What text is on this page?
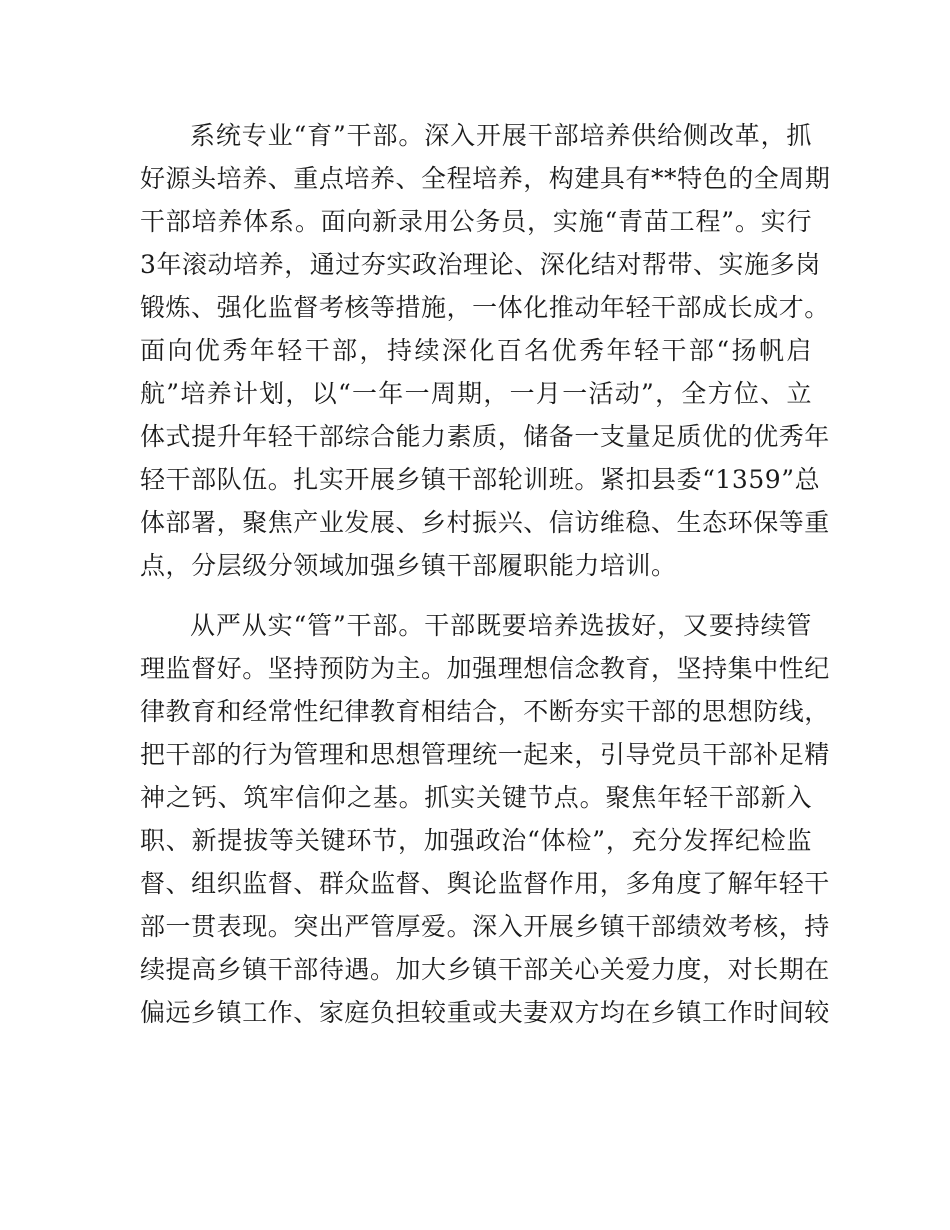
系统专业“育”干部。深入开展干部培养供给侧改革，抓
好源头培养、重点培养、全程培养，构建具有**特色的全周期
干部培养体系。面向新录用公务员，实施“青苗工程”。实行
3年滚动培养，通过夯实政治理论、深化结对帮带、实施多岗
锻炼、强化监督考核等措施，一体化推动年轻干部成长成才。
面向优秀年轻干部，持续深化百名优秀年轻干部“扬帆启
航”培养计划，以“一年一周期，一月一活动”，全方位、立
体式提升年轻干部综合能力素质，储备一支量足质优的优秀年
轻干部队伍。扎实开展乡镇干部轮训班。紧扣县委“1359”总
体部署，聚焦产业发展、乡村振兴、信访维稳、生态环保等重
点，分层级分领域加强乡镇干部履职能力培训。
从严从实“管”干部。干部既要培养选拔好，又要持续管
理监督好。坚持预防为主。加强理想信念教育，坚持集中性纪
律教育和经常性纪律教育相结合，不断夯实干部的思想防线，
把干部的行为管理和思想管理统一起来，引导党员干部补足精
神之钙、筑牢信仰之基。抓实关键节点。聚焦年轻干部新入
职、新提拔等关键环节，加强政治“体检”，充分发挥纪检监
督、组织监督、群众监督、舆论监督作用，多角度了解年轻干
部一贯表现。突出严管厚爱。深入开展乡镇干部绩效考核，持
续提高乡镇干部待遇。加大乡镇干部关心关爱力度，对长期在
偏远乡镇工作、家庭负担较重或夫妻双方均在乡镇工作时间较
